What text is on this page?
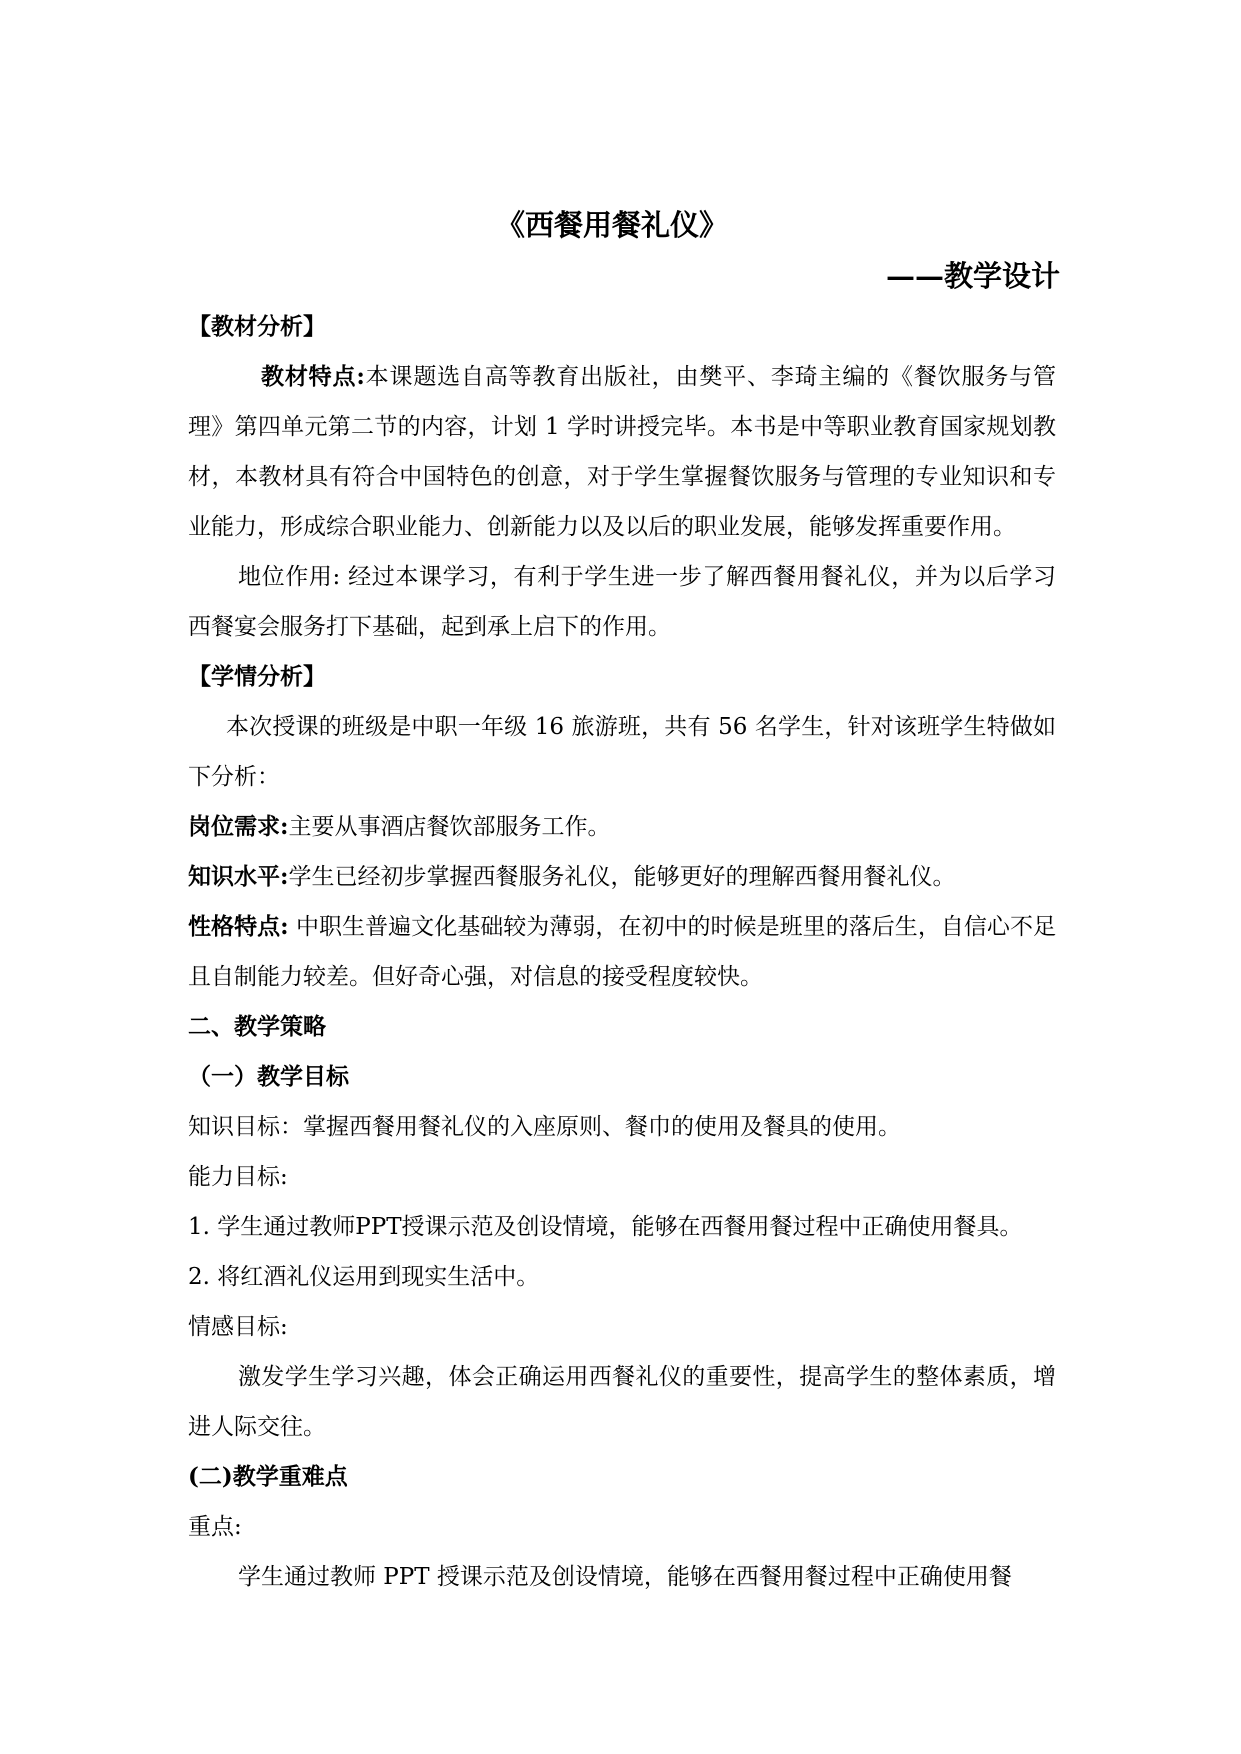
《西餐用餐礼仪》
——教学设计

【教材分析】

教材特点:本课题选自高等教育出版社，由樊平、李琦主编的《餐饮服务与管理》第四单元第二节的内容，计划 1 学时讲授完毕。本书是中等职业教育国家规划教材，本教材具有符合中国特色的创意，对于学生掌握餐饮服务与管理的专业知识和专业能力，形成综合职业能力、创新能力以及以后的职业发展，能够发挥重要作用。

地位作用: 经过本课学习，有利于学生进一步了解西餐用餐礼仪，并为以后学习西餐宴会服务打下基础，起到承上启下的作用。

【学情分析】

本次授课的班级是中职一年级 16 旅游班，共有 56 名学生，针对该班学生特做如下分析：

岗位需求:主要从事酒店餐饮部服务工作。

知识水平:学生已经初步掌握西餐服务礼仪，能够更好的理解西餐用餐礼仪。

性格特点: 中职生普遍文化基础较为薄弱，在初中的时候是班里的落后生，自信心不足且自制能力较差。但好奇心强，对信息的接受程度较快。

二、教学策略

（一）教学目标

知识目标：掌握西餐用餐礼仪的入座原则、餐巾的使用及餐具的使用。

能力目标:

1. 学生通过教师PPT授课示范及创设情境，能够在西餐用餐过程中正确使用餐具。

2. 将红酒礼仪运用到现实生活中。

情感目标:

激发学生学习兴趣，体会正确运用西餐礼仪的重要性，提高学生的整体素质，增进人际交往。

(二)教学重难点

重点:

学生通过教师 PPT 授课示范及创设情境，能够在西餐用餐过程中正确使用餐
